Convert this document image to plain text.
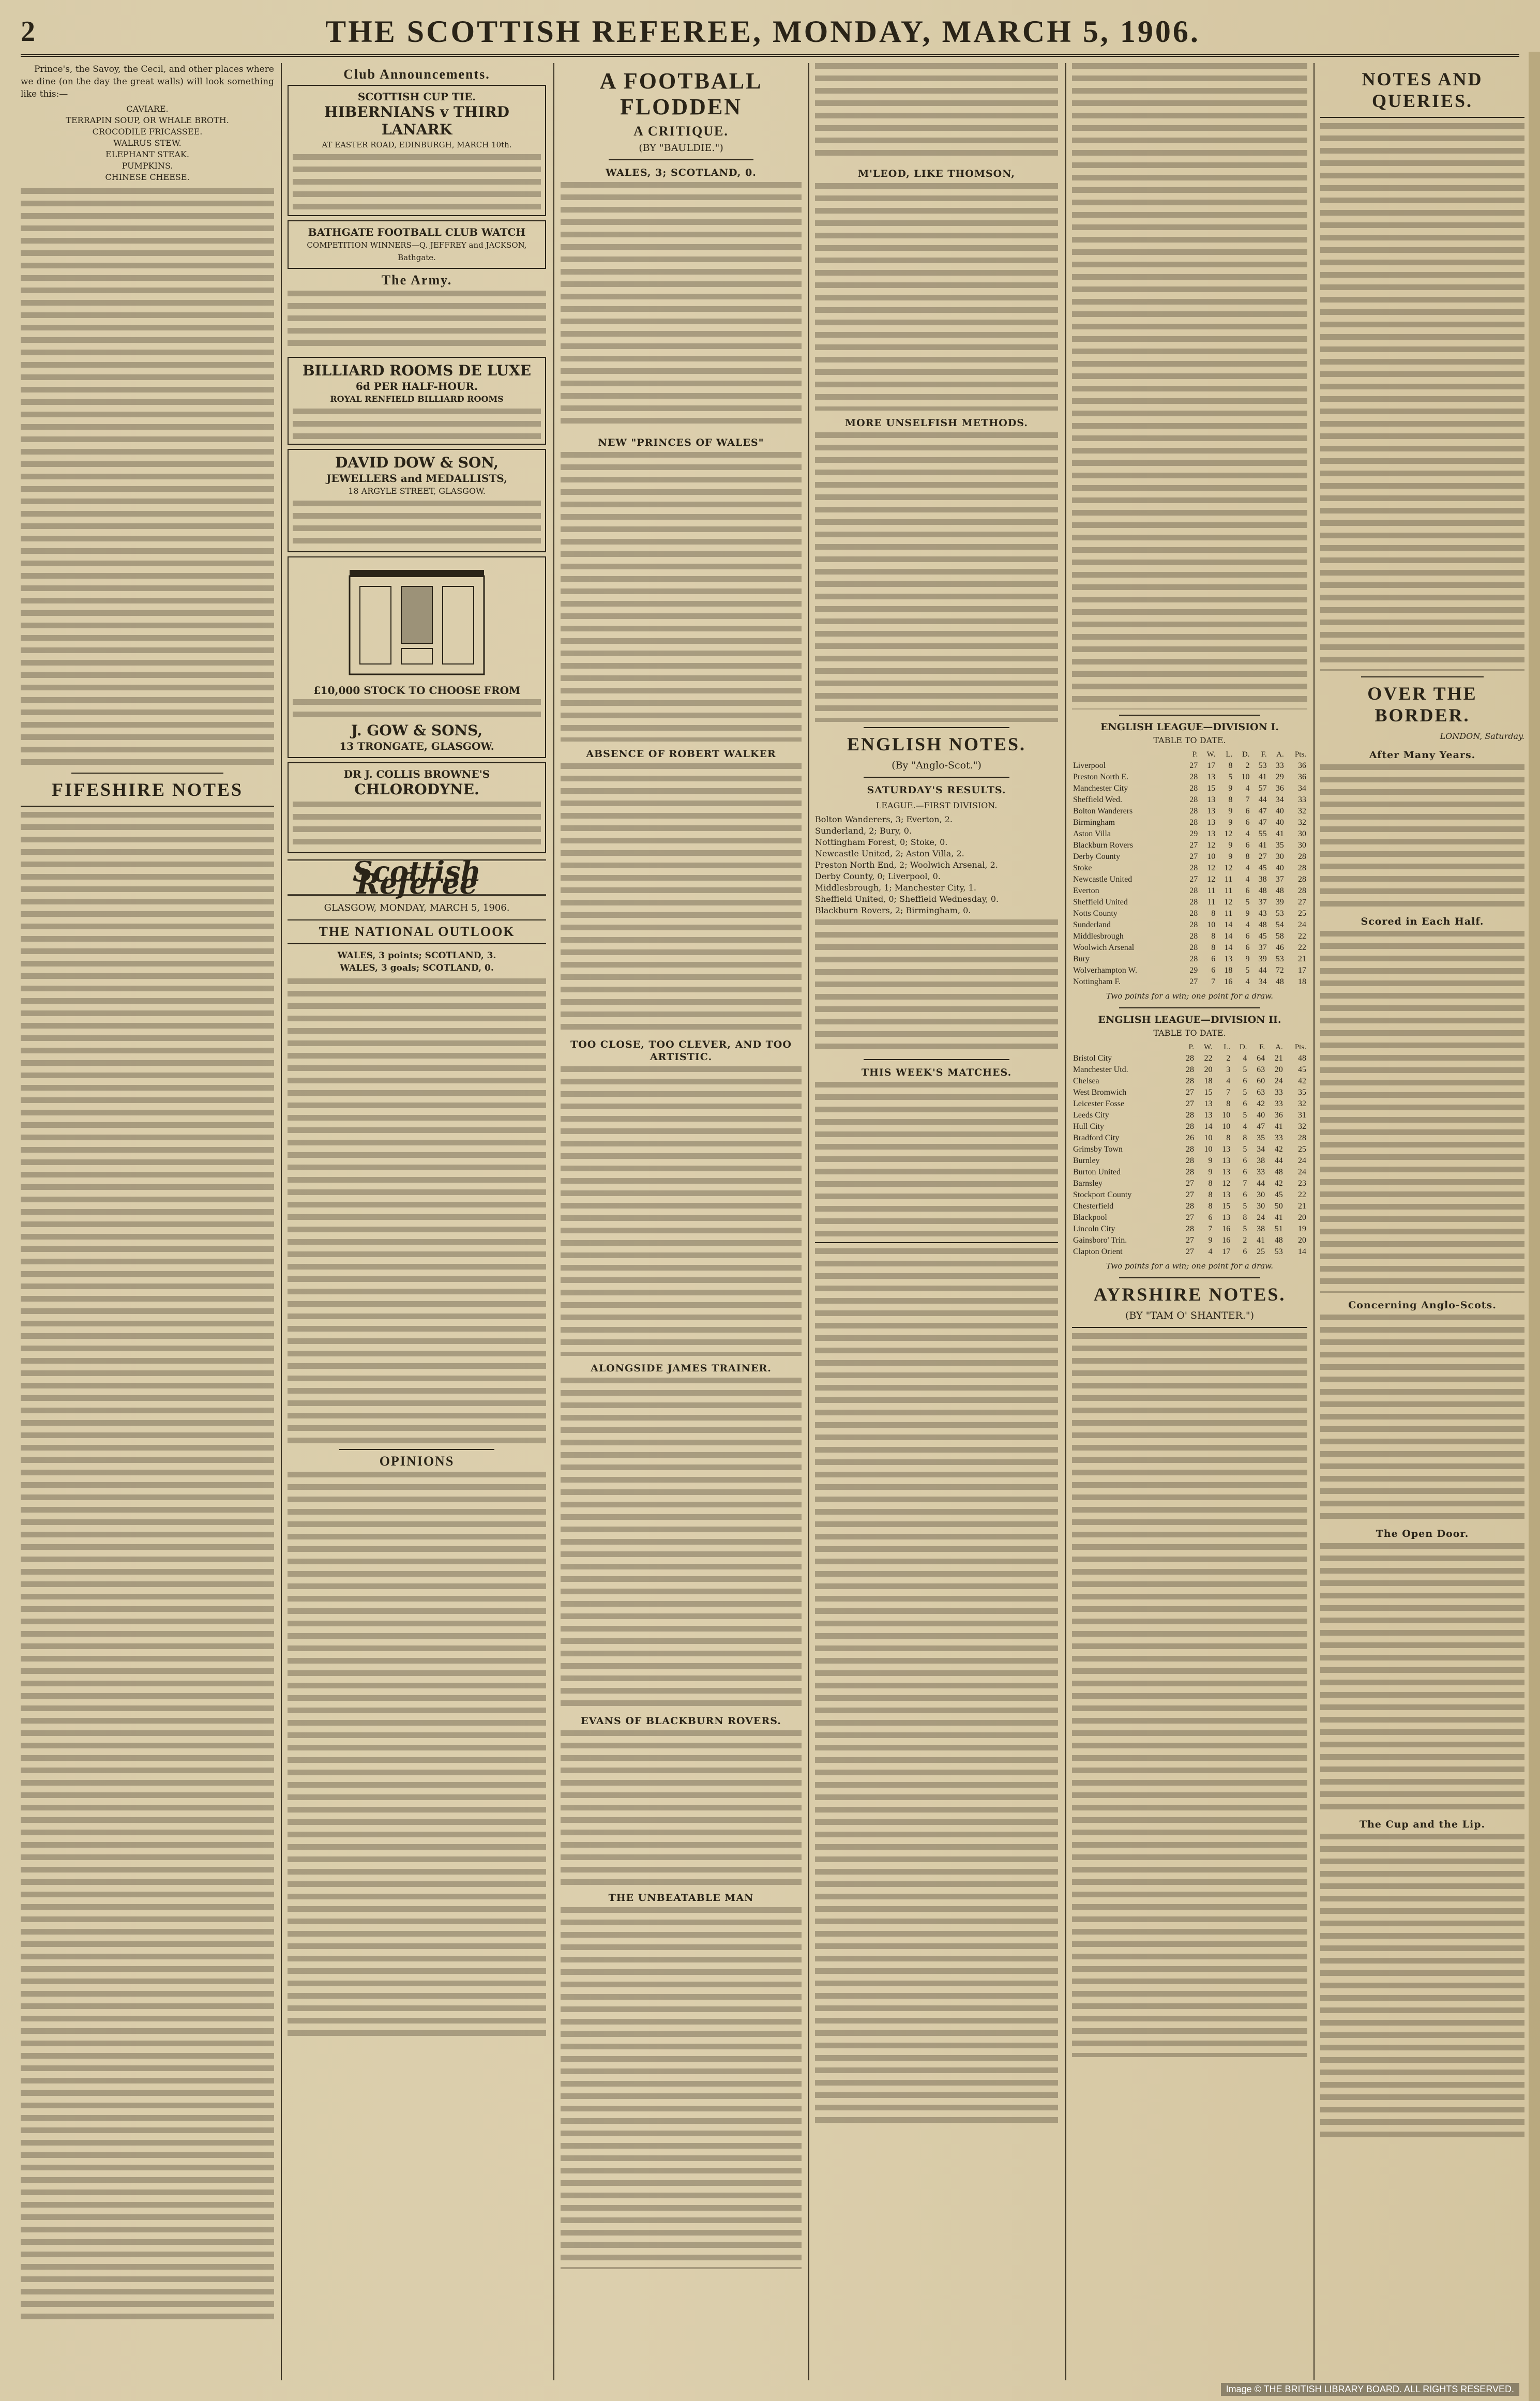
2	THE SCOTTISH REFEREE, MONDAY, MARCH 5, 1906.

Prince's, the Savoy, the Cecil, and other places where we dine (on the day the great walls) will look something like this:—

CAVIARE.
TERRAPIN SOUP, OR WHALE BROTH.
CROCODILE FRICASSEE.
WALRUS STEW.
ELEPHANT STEAK.
PUMPKINS.
CHINESE CHEESE.
FIFESHIRE NOTES
Club Announcements.
SCOTTISH CUP TIE.
HIBERNIANS v THIRD LANARK
AT EASTER ROAD, EDINBURGH, MARCH 10th.
BATHGATE FOOTBALL CLUB WATCH
COMPETITION WINNERS—Q. JEFFREY and JACKSON, Bathgate.
The Army.
BILLIARD ROOMS DE LUXE
6d PER HALF-HOUR.
ROYAL RENFIELD BILLIARD ROOMS
DAVID DOW & SON,
JEWELLERS and MEDALLISTS,
18 ARGYLE STREET, GLASGOW.
£10,000 STOCK TO CHOOSE FROM
J. GOW & SONS,
13 TRONGATE, GLASGOW.
DR J. COLLIS BROWNE'S
CHLORODYNE.
Scottish Referee
GLASGOW, MONDAY, MARCH 5, 1906.
THE NATIONAL OUTLOOK
WALES, 3 points; SCOTLAND, 3.
WALES, 3 goals; SCOTLAND, 0.
OPINIONS
A FOOTBALL FLODDEN
A CRITIQUE.
(BY "BAULDIE.")
WALES, 3; SCOTLAND, 0.
NEW "PRINCES OF WALES"
ABSENCE OF ROBERT WALKER
TOO CLOSE, TOO CLEVER, AND TOO ARTISTIC.
ALONGSIDE JAMES TRAINER.
EVANS OF BLACKBURN ROVERS.
THE UNBEATABLE MAN
M'LEOD, LIKE THOMSON,
MORE UNSELFISH METHODS.
ENGLISH NOTES.
(By "Anglo-Scot.")
SATURDAY'S RESULTS.
LEAGUE.—FIRST DIVISION.
Bolton Wanderers, 3; Everton, 2.
Sunderland, 2; Bury, 0.
Nottingham Forest, 0; Stoke, 0.
Newcastle United, 2; Aston Villa, 2.
Preston North End, 2; Woolwich Arsenal, 2.
Derby County, 0; Liverpool, 0.
Middlesbrough, 1; Manchester City, 1.
Sheffield United, 0; Sheffield Wednesday, 0.
Blackburn Rovers, 2; Birmingham, 0.
THIS WEEK'S MATCHES.
ENGLISH LEAGUE—DIVISION I.
TABLE TO DATE.
	P.	W.	L.	D.	F.	A.	Pts.
Liverpool	27	17	8	2	53	33	36
Preston North E.	28	13	5	10	41	29	36
Manchester City	28	15	9	4	57	36	34
Sheffield Wed.	28	13	8	7	44	34	33
Bolton Wanderers	28	13	9	6	47	40	32
Birmingham	28	13	9	6	47	40	32
Aston Villa	29	13	12	4	55	41	30
Blackburn Rovers	27	12	9	6	41	35	30
Derby County	27	10	9	8	27	30	28
Stoke	28	12	12	4	45	40	28
Newcastle United	27	12	11	4	38	37	28
Everton	28	11	11	6	48	48	28
Sheffield United	28	11	12	5	37	39	27
Notts County	28	8	11	9	43	53	25
Sunderland	28	10	14	4	48	54	24
Middlesbrough	28	8	14	6	45	58	22
Woolwich Arsenal	28	8	14	6	37	46	22
Bury	28	6	13	9	39	53	21
Wolverhampton W.	29	6	18	5	44	72	17
Nottingham F.	27	7	16	4	34	48	18
Two points for a win; one point for a draw.
ENGLISH LEAGUE—DIVISION II.
TABLE TO DATE.
	P.	W.	L.	D.	F.	A.	Pts.
Bristol City	28	22	2	4	64	21	48
Manchester Utd.	28	20	3	5	63	20	45
Chelsea	28	18	4	6	60	24	42
West Bromwich	27	15	7	5	63	33	35
Leicester Fosse	27	13	8	6	42	33	32
Leeds City	28	13	10	5	40	36	31
Hull City	28	14	10	4	47	41	32
Bradford City	26	10	8	8	35	33	28
Grimsby Town	28	10	13	5	34	42	25
Burnley	28	9	13	6	38	44	24
Burton United	28	9	13	6	33	48	24
Barnsley	27	8	12	7	44	42	23
Stockport County	27	8	13	6	30	45	22
Chesterfield	28	8	15	5	30	50	21
Blackpool	27	6	13	8	24	41	20
Lincoln City	28	7	16	5	38	51	19
Gainsboro' Trin.	27	9	16	2	41	48	20
Clapton Orient	27	4	17	6	25	53	14
Two points for a win; one point for a draw.
AYRSHIRE NOTES.
(BY "TAM O' SHANTER.")
NOTES AND QUERIES.
OVER THE BORDER.
LONDON, Saturday.
After Many Years.
Scored in Each Half.
Concerning Anglo-Scots.
The Open Door.
The Cup and the Lip.
Image © THE BRITISH LIBRARY BOARD. ALL RIGHTS RESERVED.
